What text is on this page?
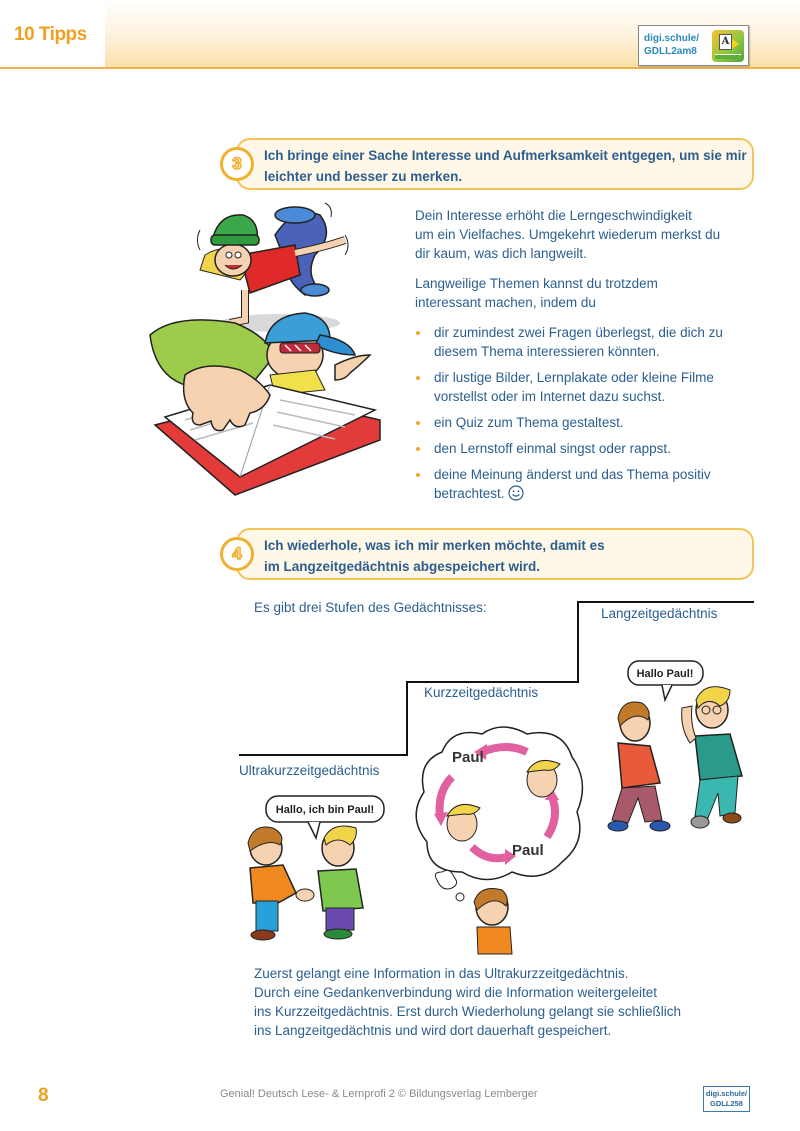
10 Tipps	digi.schule/
GDLL2am8
A
Ich bringe einer Sache Interesse und Aufmerksamkeit entgegen, um sie mir
leichter und besser zu merken.
3
Dein Interesse erhöht die Lerngeschwindigkeit
um ein Vielfaches. Umgekehrt wiederum merkst du
dir kaum, was dich langweilt.
Langweilige Themen kannst du trotzdem
interessant machen, indem du
dir zumindest zwei Fragen überlegst, die dich zu
diesem Thema interessieren könnten.
dir lustige Bilder, Lernplakate oder kleine Filme
vorstellst oder im Internet dazu suchst.
ein Quiz zum Thema gestaltest.
den Lernstoff einmal singst oder rappst.
deine Meinung änderst und das Thema positiv
betrachtest.
Ich wiederhole, was ich mir merken möchte, damit es
im Langzeitgedächtnis abgespeichert wird.
4
Es gibt drei Stufen des Gedächtnisses:	Langzeitgedächtnis
Kurzzeitgedächtnis
Ultrakurzzeitgedächtnis
Hallo, ich bin Paul!
Paul
Paul
Hallo Paul!
Zuerst gelangt eine Information in das Ultrakurzzeitgedächtnis.
Durch eine Gedankenverbindung wird die Information weitergeleitet
ins Kurzzeitgedächtnis. Erst durch Wiederholung gelangt sie schließlich
ins Langzeitgedächtnis und wird dort dauerhaft gespeichert.
8	Genial! Deutsch Lese- & Lernprofi 2 © Bildungsverlag Lemberger	digi.schule/
GDLL258
